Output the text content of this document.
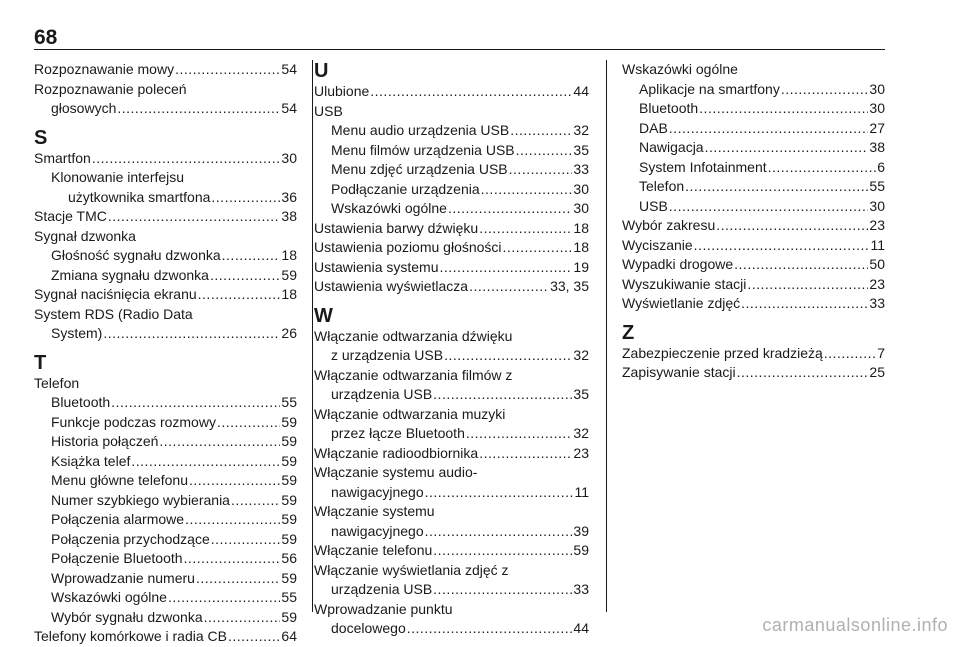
68
Rozpoznawanie mowy .....	54
Rozpoznawanie poleceń
głosowych .....	54
S
Smartfon .....	30
Klonowanie interfejsu
użytkownika smartfona .....	36
Stacje TMC .....	38
Sygnał dzwonka
Głośność sygnału dzwonka .....	18
Zmiana sygnału dzwonka .....	59
Sygnał naciśnięcia ekranu .....	18
System RDS (Radio Data
System) .....	26
T
Telefon
Bluetooth .....	55
Funkcje podczas rozmowy .....	59
Historia połączeń .....	59
Książka telef .....	59
Menu główne telefonu .....	59
Numer szybkiego wybierania .....	59
Połączenia alarmowe .....	59
Połączenia przychodzące .....	59
Połączenie Bluetooth .....	56
Wprowadzanie numeru .....	59
Wskazówki ogólne .....	55
Wybór sygnału dzwonka .....	59
Telefony komórkowe i radia CB .....	64
U
Ulubione .....	44
USB
Menu audio urządzenia USB .....	32
Menu filmów urządzenia USB .....	35
Menu zdjęć urządzenia USB .....	33
Podłączanie urządzenia .....	30
Wskazówki ogólne .....	30
Ustawienia barwy dźwięku .....	18
Ustawienia poziomu głośności .....	18
Ustawienia systemu .....	19
Ustawienia wyświetlacza .....	33, 35
W
Włączanie odtwarzania dźwięku
z urządzenia USB .....	32
Włączanie odtwarzania filmów z
urządzenia USB .....	35
Włączanie odtwarzania muzyki
przez łącze Bluetooth .....	32
Włączanie radioodbiornika .....	23
Włączanie systemu audio-
nawigacyjnego .....	11
Włączanie systemu
nawigacyjnego .....	39
Włączanie telefonu .....	59
Włączanie wyświetlania zdjęć z
urządzenia USB .....	33
Wprowadzanie punktu
docelowego .....	44
Wskazówki ogólne
Aplikacje na smartfony .....	30
Bluetooth .....	30
DAB .....	27
Nawigacja .....	38
System Infotainment .....	6
Telefon .....	55
USB .....	30
Wybór zakresu .....	23
Wyciszanie .....	11
Wypadki drogowe .....	50
Wyszukiwanie stacji .....	23
Wyświetlanie zdjęć .....	33
Z
Zabezpieczenie przed kradzieżą .....	7
Zapisywanie stacji .....	25
carmanualsonline.info
